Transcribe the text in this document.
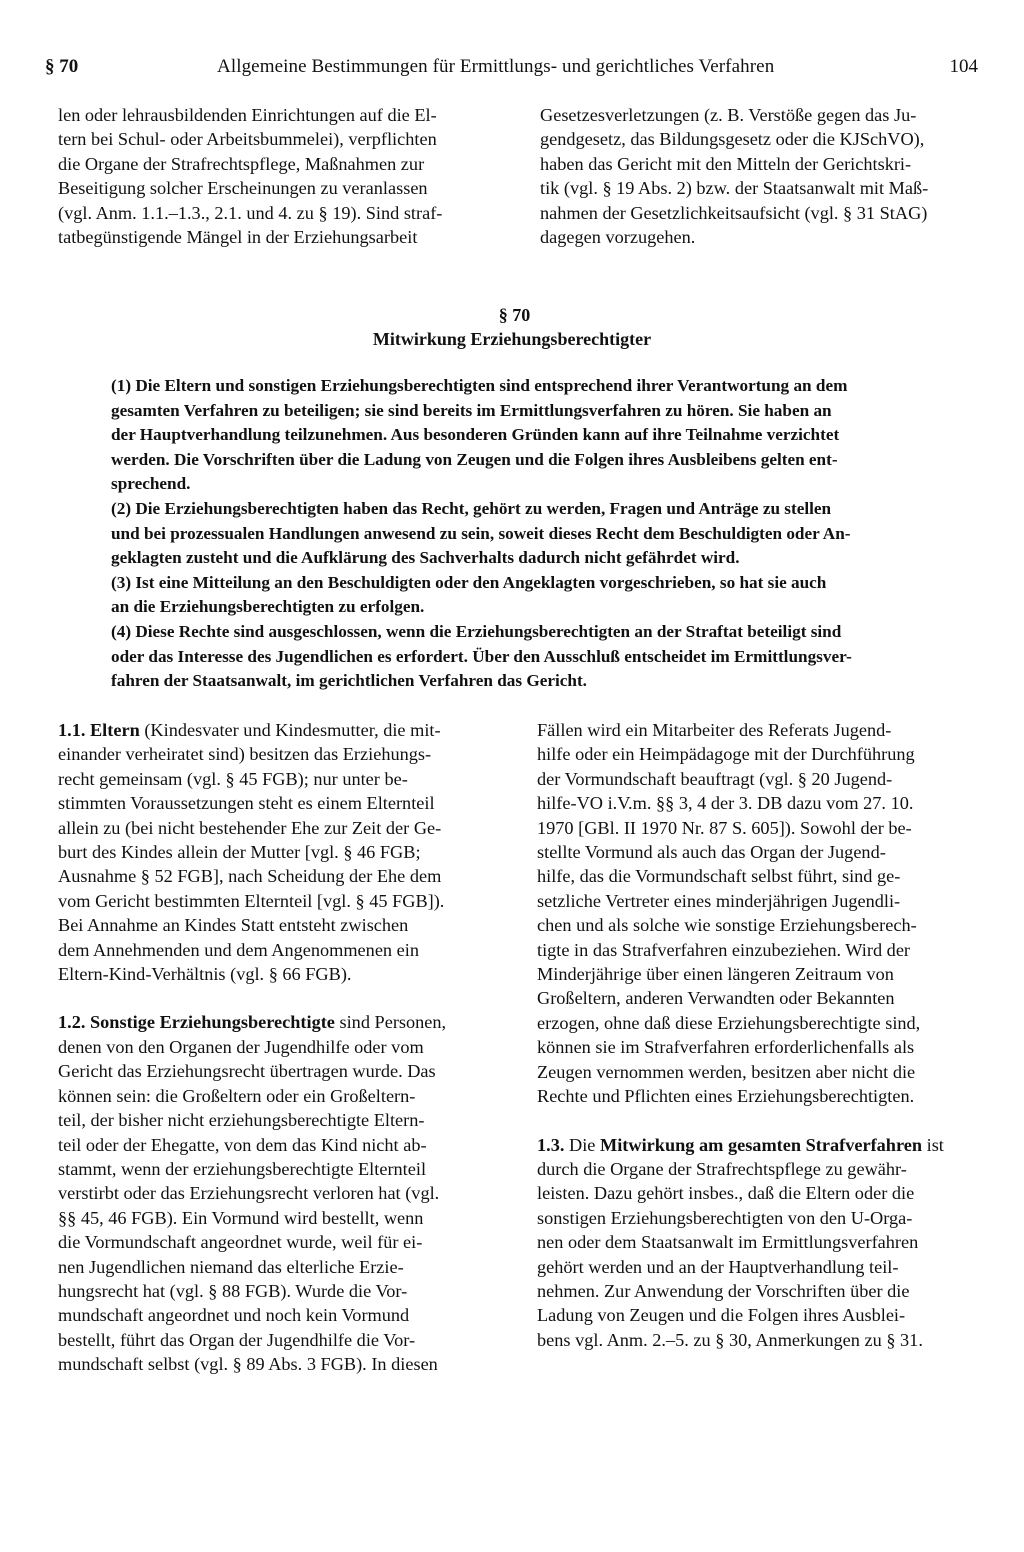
§ 70	Allgemeine Bestimmungen für Ermittlungs- und gerichtliches Verfahren	104

len oder lehrausbildenden Einrichtungen auf die El-
tern bei Schul- oder Arbeitsbummelei), verpflichten
die Organe der Strafrechtspflege, Maßnahmen zur
Beseitigung solcher Erscheinungen zu veranlassen
(vgl. Anm. 1.1.–1.3., 2.1. und 4. zu § 19). Sind straf-
tatbegünstigende Mängel in der Erziehungsarbeit

Gesetzesverletzungen (z. B. Verstöße gegen das Ju-
gendgesetz, das Bildungsgesetz oder die KJSchVO),
haben das Gericht mit den Mitteln der Gerichtskri-
tik (vgl. § 19 Abs. 2) bzw. der Staatsanwalt mit Maß-
nahmen der Gesetzlichkeitsaufsicht (vgl. § 31 StAG)
dagegen vorzugehen.

§ 70
Mitwirkung Erziehungsberechtigter

(1) Die Eltern und sonstigen Erziehungsberechtigten sind entsprechend ihrer Verantwortung an dem
gesamten Verfahren zu beteiligen; sie sind bereits im Ermittlungsverfahren zu hören. Sie haben an
der Hauptverhandlung teilzunehmen. Aus besonderen Gründen kann auf ihre Teilnahme verzichtet
werden. Die Vorschriften über die Ladung von Zeugen und die Folgen ihres Ausbleibens gelten ent-
sprechend.

(2) Die Erziehungsberechtigten haben das Recht, gehört zu werden, Fragen und Anträge zu stellen
und bei prozessualen Handlungen anwesend zu sein, soweit dieses Recht dem Beschuldigten oder An-
geklagten zusteht und die Aufklärung des Sachverhalts dadurch nicht gefährdet wird.

(3) Ist eine Mitteilung an den Beschuldigten oder den Angeklagten vorgeschrieben, so hat sie auch
an die Erziehungsberechtigten zu erfolgen.

(4) Diese Rechte sind ausgeschlossen, wenn die Erziehungsberechtigten an der Straftat beteiligt sind
oder das Interesse des Jugendlichen es erfordert. Über den Ausschluß entscheidet im Ermittlungsver-
fahren der Staatsanwalt, im gerichtlichen Verfahren das Gericht.

1.1. Eltern (Kindesvater und Kindesmutter, die mit-
einander verheiratet sind) besitzen das Erziehungs-
recht gemeinsam (vgl. § 45 FGB); nur unter be-
stimmten Voraussetzungen steht es einem Elternteil
allein zu (bei nicht bestehender Ehe zur Zeit der Ge-
burt des Kindes allein der Mutter [vgl. § 46 FGB;
Ausnahme § 52 FGB], nach Scheidung der Ehe dem
vom Gericht bestimmten Elternteil [vgl. § 45 FGB]).
Bei Annahme an Kindes Statt entsteht zwischen
dem Annehmenden und dem Angenommenen ein
Eltern-Kind-Verhältnis (vgl. § 66 FGB).

1.2. Sonstige Erziehungsberechtigte sind Personen,
denen von den Organen der Jugendhilfe oder vom
Gericht das Erziehungsrecht übertragen wurde. Das
können sein: die Großeltern oder ein Großeltern-
teil, der bisher nicht erziehungsberechtigte Eltern-
teil oder der Ehegatte, von dem das Kind nicht ab-
stammt, wenn der erziehungsberechtigte Elternteil
verstirbt oder das Erziehungsrecht verloren hat (vgl.
§§ 45, 46 FGB). Ein Vormund wird bestellt, wenn
die Vormundschaft angeordnet wurde, weil für ei-
nen Jugendlichen niemand das elterliche Erzie-
hungsrecht hat (vgl. § 88 FGB). Wurde die Vor-
mundschaft angeordnet und noch kein Vormund
bestellt, führt das Organ der Jugendhilfe die Vor-
mundschaft selbst (vgl. § 89 Abs. 3 FGB). In diesen

Fällen wird ein Mitarbeiter des Referats Jugend-
hilfe oder ein Heimpädagoge mit der Durchführung
der Vormundschaft beauftragt (vgl. § 20 Jugend-
hilfe-VO i.V.m. §§ 3, 4 der 3. DB dazu vom 27. 10.
1970 [GBl. II 1970 Nr. 87 S. 605]). Sowohl der be-
stellte Vormund als auch das Organ der Jugend-
hilfe, das die Vormundschaft selbst führt, sind ge-
setzliche Vertreter eines minderjährigen Jugendli-
chen und als solche wie sonstige Erziehungsberech-
tigte in das Strafverfahren einzubeziehen. Wird der
Minderjährige über einen längeren Zeitraum von
Großeltern, anderen Verwandten oder Bekannten
erzogen, ohne daß diese Erziehungsberechtigte sind,
können sie im Strafverfahren erforderlichenfalls als
Zeugen vernommen werden, besitzen aber nicht die
Rechte und Pflichten eines Erziehungsberechtigten.

1.3. Die Mitwirkung am gesamten Strafverfahren ist
durch die Organe der Strafrechtspflege zu gewähr-
leisten. Dazu gehört insbes., daß die Eltern oder die
sonstigen Erziehungsberechtigten von den U-Orga-
nen oder dem Staatsanwalt im Ermittlungsverfahren
gehört werden und an der Hauptverhandlung teil-
nehmen. Zur Anwendung der Vorschriften über die
Ladung von Zeugen und die Folgen ihres Ausblei-
bens vgl. Anm. 2.–5. zu § 30, Anmerkungen zu § 31.
